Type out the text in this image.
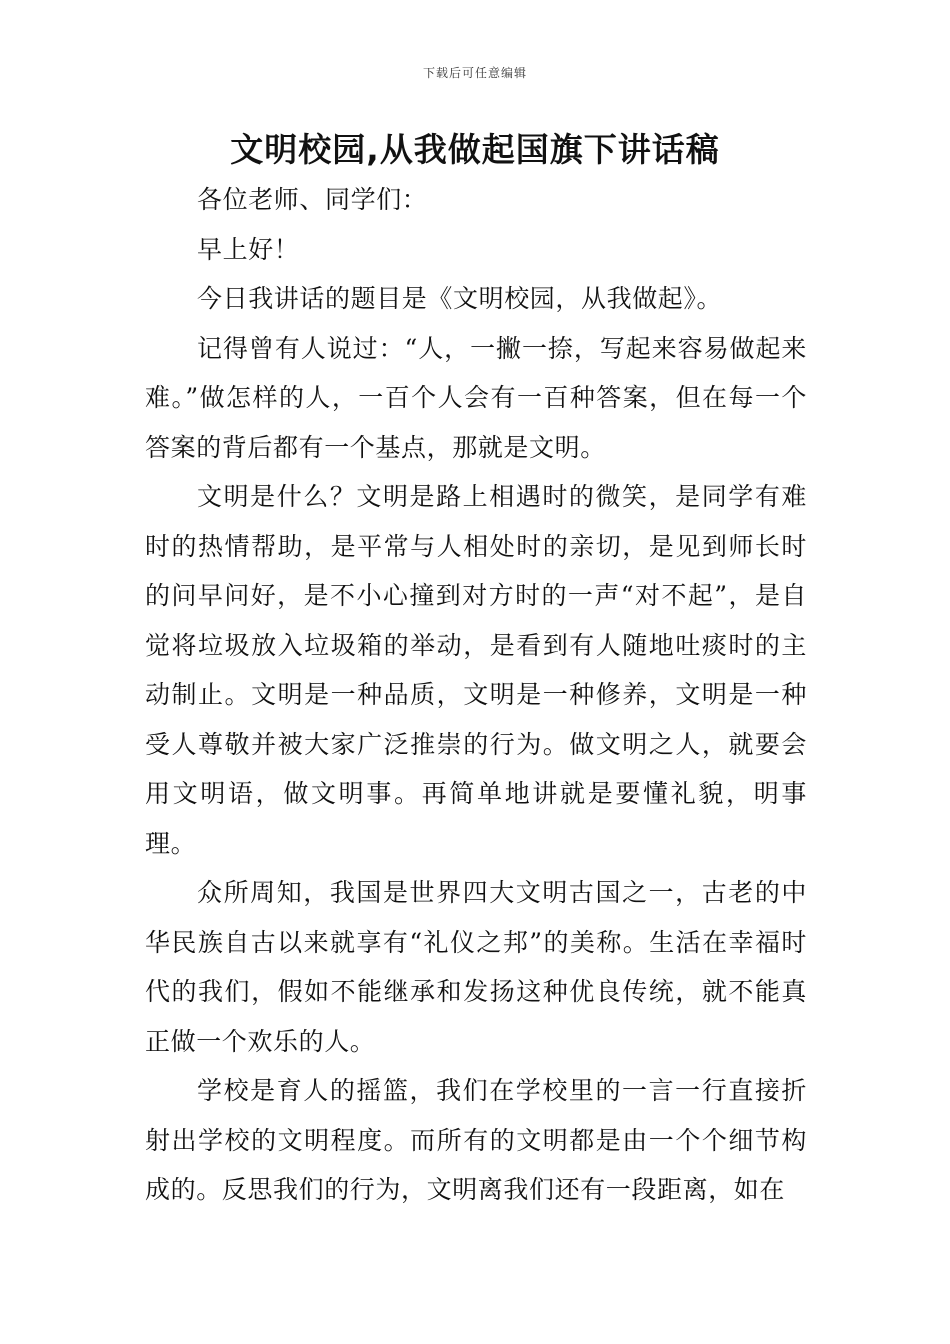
下载后可任意编辑
文明校园,从我做起国旗下讲话稿

各位老师、同学们：

早上好！

今日我讲话的题目是《文明校园，从我做起》。

记得曾有人说过：“人，一撇一捺，写起来容易做起来难。”做怎样的人，一百个人会有一百种答案，但在每一个答案的背后都有一个基点，那就是文明。

文明是什么？文明是路上相遇时的微笑，是同学有难时的热情帮助，是平常与人相处时的亲切，是见到师长时的问早问好，是不小心撞到对方时的一声“对不起”，是自觉将垃圾放入垃圾箱的举动，是看到有人随地吐痰时的主动制止。文明是一种品质，文明是一种修养，文明是一种受人尊敬并被大家广泛推崇的行为。做文明之人，就要会用文明语，做文明事。再简单地讲就是要懂礼貌，明事理。

众所周知，我国是世界四大文明古国之一，古老的中华民族自古以来就享有“礼仪之邦”的美称。生活在幸福时代的我们，假如不能继承和发扬这种优良传统，就不能真正做一个欢乐的人。

学校是育人的摇篮，我们在学校里的一言一行直接折射出学校的文明程度。而所有的文明都是由一个个细节构成的。反思我们的行为，文明离我们还有一段距离，如在
